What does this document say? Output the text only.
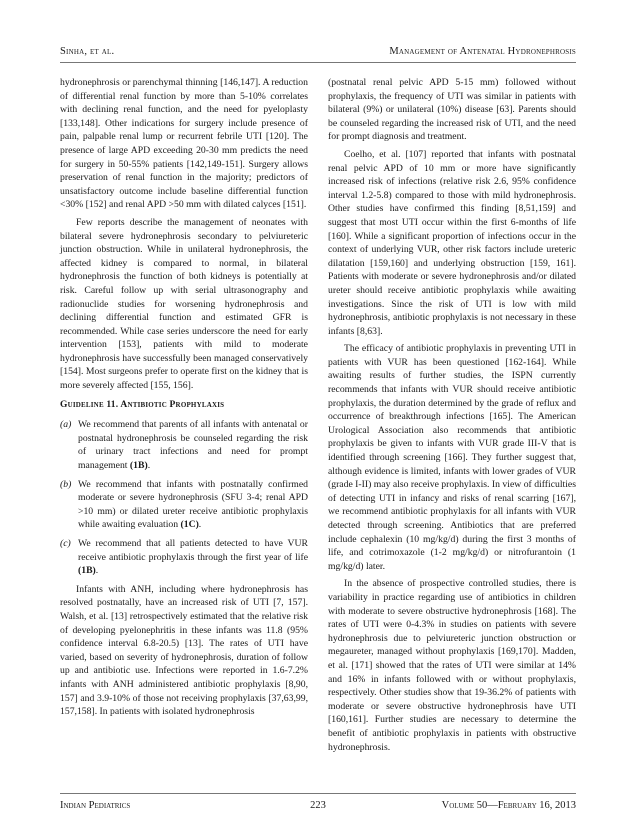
Sinha, et al.	Management of Antenatal Hydronephrosis

hydronephrosis or parenchymal thinning [146,147]. A reduction of differential renal function by more than 5-10% correlates with declining renal function, and the need for pyeloplasty [133,148]. Other indications for surgery include presence of pain, palpable renal lump or recurrent febrile UTI [120]. The presence of large APD exceeding 20-30 mm predicts the need for surgery in 50-55% patients [142,149-151]. Surgery allows preservation of renal function in the majority; predictors of unsatisfactory outcome include baseline differential function <30% [152] and renal APD >50 mm with dilated calyces [151].

Few reports describe the management of neonates with bilateral severe hydronephrosis secondary to pelviureteric junction obstruction. While in unilateral hydronephrosis, the affected kidney is compared to normal, in bilateral hydronephrosis the function of both kidneys is potentially at risk. Careful follow up with serial ultrasonography and radionuclide studies for worsening hydronephrosis and declining differential function and estimated GFR is recommended. While case series underscore the need for early intervention [153], patients with mild to moderate hydronephrosis have successfully been managed conservatively [154]. Most surgeons prefer to operate first on the kidney that is more severely affected [155, 156].

Guideline 11. Antibiotic Prophylaxis
(a) We recommend that parents of all infants with antenatal or postnatal hydronephrosis be counseled regarding the risk of urinary tract infections and need for prompt management (1B).
(b) We recommend that infants with postnatally confirmed moderate or severe hydronephrosis (SFU 3-4; renal APD >10 mm) or dilated ureter receive antibiotic prophylaxis while awaiting evaluation (1C).
(c) We recommend that all patients detected to have VUR receive antibiotic prophylaxis through the first year of life (1B).

Infants with ANH, including where hydronephrosis has resolved postnatally, have an increased risk of UTI [7, 157]. Walsh, et al. [13] retrospectively estimated that the relative risk of developing pyelonephritis in these infants was 11.8 (95% confidence interval 6.8-20.5) [13]. The rates of UTI have varied, based on severity of hydronephrosis, duration of follow up and antibiotic use. Infections were reported in 1.6-7.2% infants with ANH administered antibiotic prophylaxis [8,90, 157] and 3.9-10% of those not receiving prophylaxis [37,63,99, 157,158]. In patients with isolated hydronephrosis

(postnatal renal pelvic APD 5-15 mm) followed without prophylaxis, the frequency of UTI was similar in patients with bilateral (9%) or unilateral (10%) disease [63]. Parents should be counseled regarding the increased risk of UTI, and the need for prompt diagnosis and treatment.

Coelho, et al. [107] reported that infants with postnatal renal pelvic APD of 10 mm or more have significantly increased risk of infections (relative risk 2.6, 95% confidence interval 1.2-5.8) compared to those with mild hydronephrosis. Other studies have confirmed this finding [8,51,159] and suggest that most UTI occur within the first 6-months of life [160]. While a significant proportion of infections occur in the context of underlying VUR, other risk factors include ureteric dilatation [159,160] and underlying obstruction [159, 161]. Patients with moderate or severe hydronephrosis and/or dilated ureter should receive antibiotic prophylaxis while awaiting investigations. Since the risk of UTI is low with mild hydronephrosis, antibiotic prophylaxis is not necessary in these infants [8,63].

The efficacy of antibiotic prophylaxis in preventing UTI in patients with VUR has been questioned [162-164]. While awaiting results of further studies, the ISPN currently recommends that infants with VUR should receive antibiotic prophylaxis, the duration determined by the grade of reflux and occurrence of breakthrough infections [165]. The American Urological Association also recommends that antibiotic prophylaxis be given to infants with VUR grade III-V that is identified through screening [166]. They further suggest that, although evidence is limited, infants with lower grades of VUR (grade I-II) may also receive prophylaxis. In view of difficulties of detecting UTI in infancy and risks of renal scarring [167], we recommend antibiotic prophylaxis for all infants with VUR detected through screening. Antibiotics that are preferred include cephalexin (10 mg/kg/d) during the first 3 months of life, and cotrimoxazole (1-2 mg/kg/d) or nitrofurantoin (1 mg/kg/d) later.

In the absence of prospective controlled studies, there is variability in practice regarding use of antibiotics in children with moderate to severe obstructive hydronephrosis [168]. The rates of UTI were 0-4.3% in studies on patients with severe hydronephrosis due to pelviureteric junction obstruction or megaureter, managed without prophylaxis [169,170]. Madden, et al. [171] showed that the rates of UTI were similar at 14% and 16% in infants followed with or without prophylaxis, respectively. Other studies show that 19-36.2% of patients with moderate or severe obstructive hydronephrosis have UTI [160,161]. Further studies are necessary to determine the benefit of antibiotic prophylaxis in patients with obstructive hydronephrosis.

Indian Pediatrics	223	Volume 50—February 16, 2013
